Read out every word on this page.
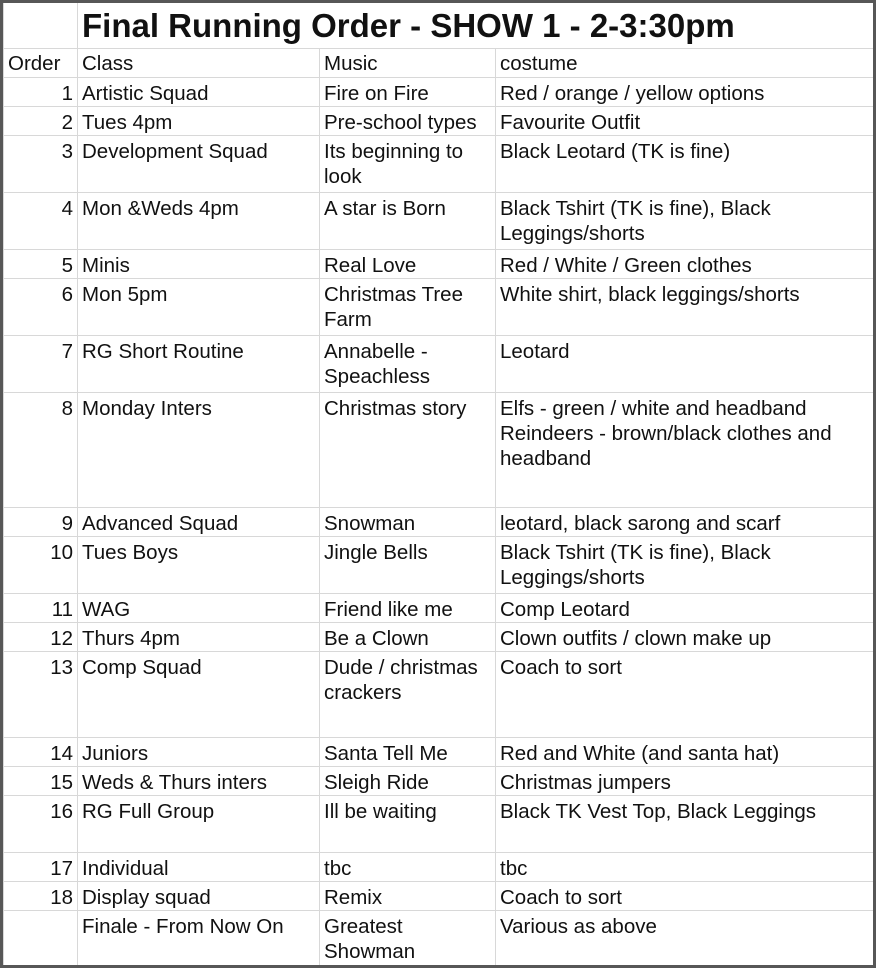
	Final Running Order - SHOW 1 - 2-3:30pm		
Order	Class	Music	costume
1	Artistic Squad	Fire on Fire	Red / orange / yellow options
2	Tues 4pm	Pre-school types	Favourite Outfit
3	Development Squad	Its beginning to look	Black Leotard (TK is fine)
4	Mon &Weds 4pm	A star is Born	Black Tshirt (TK is fine), Black Leggings/shorts
5	Minis	Real Love	Red / White / Green clothes
6	Mon 5pm	Christmas Tree Farm	White shirt, black leggings/shorts
7	RG Short Routine	Annabelle - Speachless	Leotard
8	Monday Inters	Christmas story	Elfs - green / white and headband Reindeers - brown/black clothes and headband
9	Advanced Squad	Snowman	leotard, black sarong and scarf
10	Tues Boys	Jingle Bells	Black Tshirt (TK is fine), Black Leggings/shorts
11	WAG	Friend like me	Comp Leotard
12	Thurs 4pm	Be a Clown	Clown outfits / clown make up
13	Comp Squad	Dude / christmas crackers	Coach to sort
14	Juniors	Santa Tell Me	Red and White (and santa hat)
15	Weds & Thurs inters	Sleigh Ride	Christmas jumpers
16	RG Full Group	Ill be waiting	Black TK Vest Top, Black Leggings
17	Individual	tbc	tbc
18	Display squad	Remix	Coach to sort
	Finale - From Now On	Greatest Showman	Various as above
